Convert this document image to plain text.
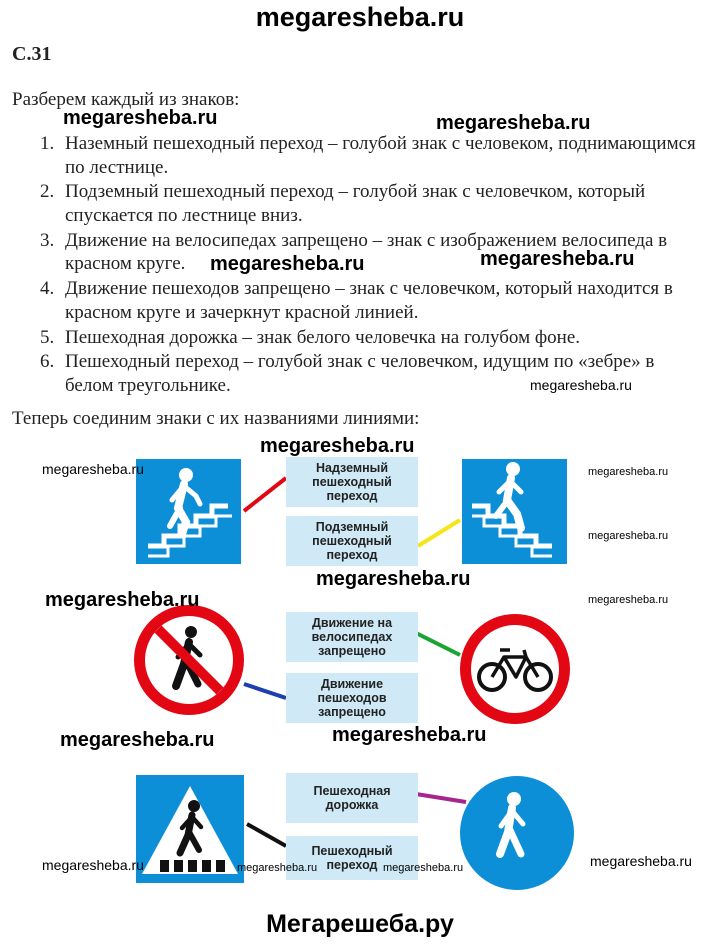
megaresheba.ru
С.31
Разберем каждый из знаков:
1. Наземный пешеходный переход – голубой знак с человеком, поднимающимся по лестнице.
2. Подземный пешеходный переход – голубой знак с человечком, который спускается по лестнице вниз.
3. Движение на велосипедах запрещено – знак с изображением велосипеда в красном круге.
4. Движение пешеходов запрещено – знак с человечком, который находится в красном круге и зачеркнут красной линией.
5. Пешеходная дорожка – знак белого человечка на голубом фоне.
6. Пешеходный переход – голубой знак с человечком, идущим по «зебре» в белом треугольнике.
Теперь соединим знаки с их названиями линиями:
Надземный пешеходный переход
Подземный пешеходный переход
Движение на велосипедах запрещено
Движение пешеходов запрещено
Пешеходная дорожка
Пешеходный переход
megaresheba.ru	megaresheba.ru
megaresheba.ru	megaresheba.ru
megaresheba.ru
megaresheba.ru
megaresheba.ru	megaresheba.ru
megaresheba.ru
megaresheba.ru
megaresheba.ru	megaresheba.ru
megaresheba.ru	megaresheba.ru
megaresheba.ru	megaresheba.ru	megaresheba.ru	megaresheba.ru
Мегарешеба.ру
